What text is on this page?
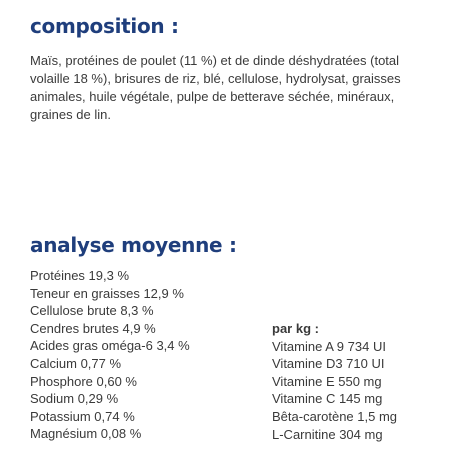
composition :

Maïs, protéines de poulet (11 %) et de dinde déshydratées (total volaille 18 %), brisures de riz, blé, cellulose, hydrolysat, graisses animales, huile végétale, pulpe de betterave séchée, minéraux, graines de lin.

analyse moyenne :
Protéines 19,3 %
Teneur en graisses 12,9 %
Cellulose brute 8,3 %
Cendres brutes 4,9 %
Acides gras oméga-6 3,4 %
Calcium 0,77 %
Phosphore 0,60 %
Sodium 0,29 %
Potassium 0,74 %
Magnésium 0,08 %
par kg :
Vitamine A 9 734 UI
Vitamine D3 710 UI
Vitamine E 550 mg
Vitamine C 145 mg
Bêta-carotène 1,5 mg
L-Carnitine 304 mg
